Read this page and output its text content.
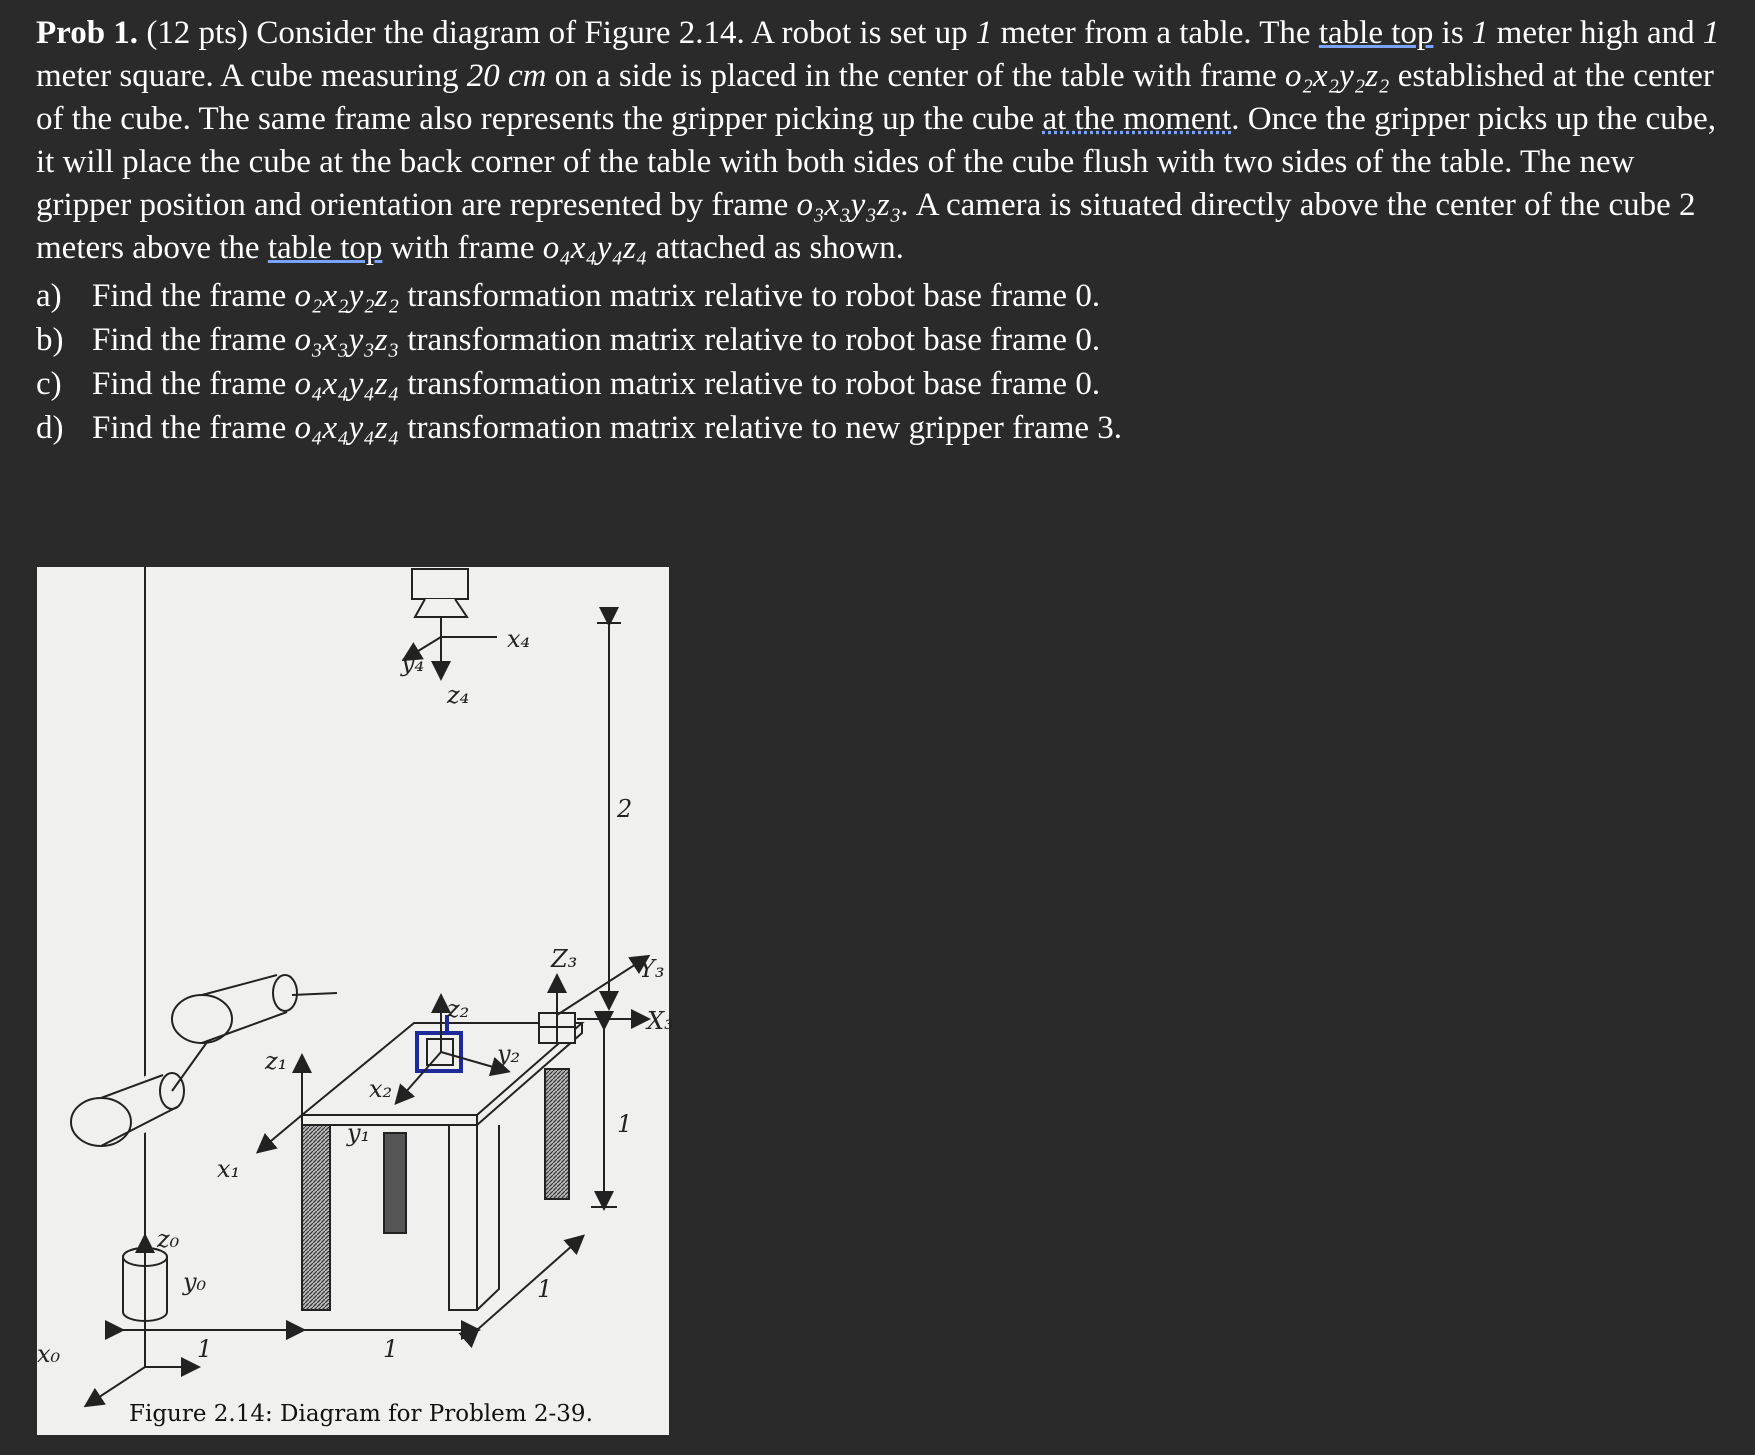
Prob 1. (12 pts) Consider the diagram of Figure 2.14. A robot is set up 1 meter from a table. The table top is 1 meter high and 1 meter square. A cube measuring 20 cm on a side is placed in the center of the table with frame o₂x₂y₂z₂ established at the center of the cube. The same frame also represents the gripper picking up the cube at the moment. Once the gripper picks up the cube, it will place the cube at the back corner of the table with both sides of the cube flush with two sides of the table. The new gripper position and orientation are represented by frame o₃x₃y₃z₃. A camera is situated directly above the center of the cube 2 meters above the table top with frame o₄x₄y₄z₄ attached as shown.

a) Find the frame o₂x₂y₂z₂ transformation matrix relative to robot base frame 0.
b) Find the frame o₃x₃y₃z₃ transformation matrix relative to robot base frame 0.
c) Find the frame o₄x₄y₄z₄ transformation matrix relative to robot base frame 0.
d) Find the frame o₄x₄y₄z₄ transformation matrix relative to new gripper frame 3.
y₄
z₄
x₄
2
1
Z₃	Y₃
X₃
z₂
y₂
x₂
z₁
y₁
x₁
z₀
y₀
x₀	1	1
1
Figure 2.14: Diagram for Problem 2-39.
